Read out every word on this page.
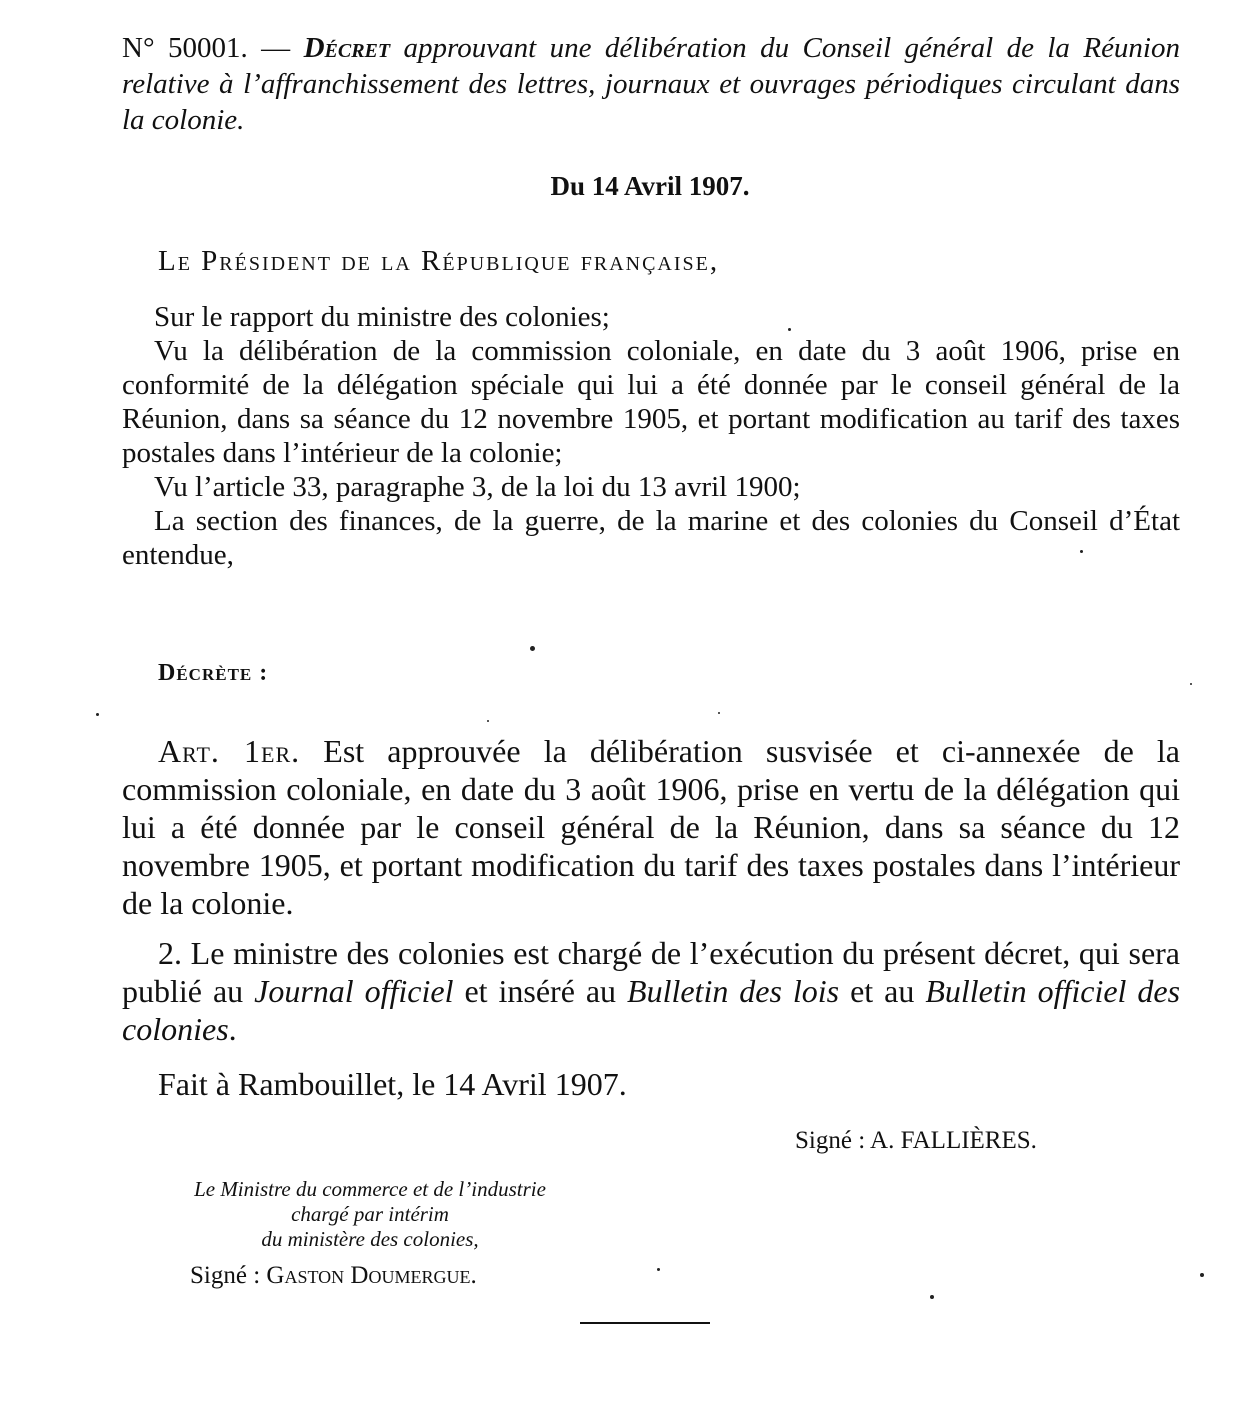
N° 50001. — Décret approuvant une délibération du Conseil général de la Réunion relative à l’affranchissement des lettres, journaux et ouvrages périodiques circulant dans la colonie.
Du 14 Avril 1907.
Le Président de la République française,

Sur le rapport du ministre des colonies;

Vu la délibération de la commission coloniale, en date du 3 août 1906, prise en conformité de la délégation spéciale qui lui a été donnée par le conseil général de la Réunion, dans sa séance du 12 novembre 1905, et portant modification au tarif des taxes postales dans l’intérieur de la colonie;

Vu l’article 33, paragraphe 3, de la loi du 13 avril 1900;

La section des finances, de la guerre, de la marine et des colonies du Conseil d’État entendue,

Décrète :

Art. 1er. Est approuvée la délibération susvisée et ci-annexée de la commission coloniale, en date du 3 août 1906, prise en vertu de la délégation qui lui a été donnée par le conseil général de la Réunion, dans sa séance du 12 novembre 1905, et portant modification du tarif des taxes postales dans l’intérieur de la colonie.

2. Le ministre des colonies est chargé de l’exécution du présent décret, qui sera publié au Journal officiel et inséré au Bulletin des lois et au Bulletin officiel des colonies.

Fait à Rambouillet, le 14 Avril 1907.
Signé : A. FALLIÈRES.
Le Ministre du commerce et de l’industrie
chargé par intérim
du ministère des colonies,
Signé : Gaston Doumergue.
